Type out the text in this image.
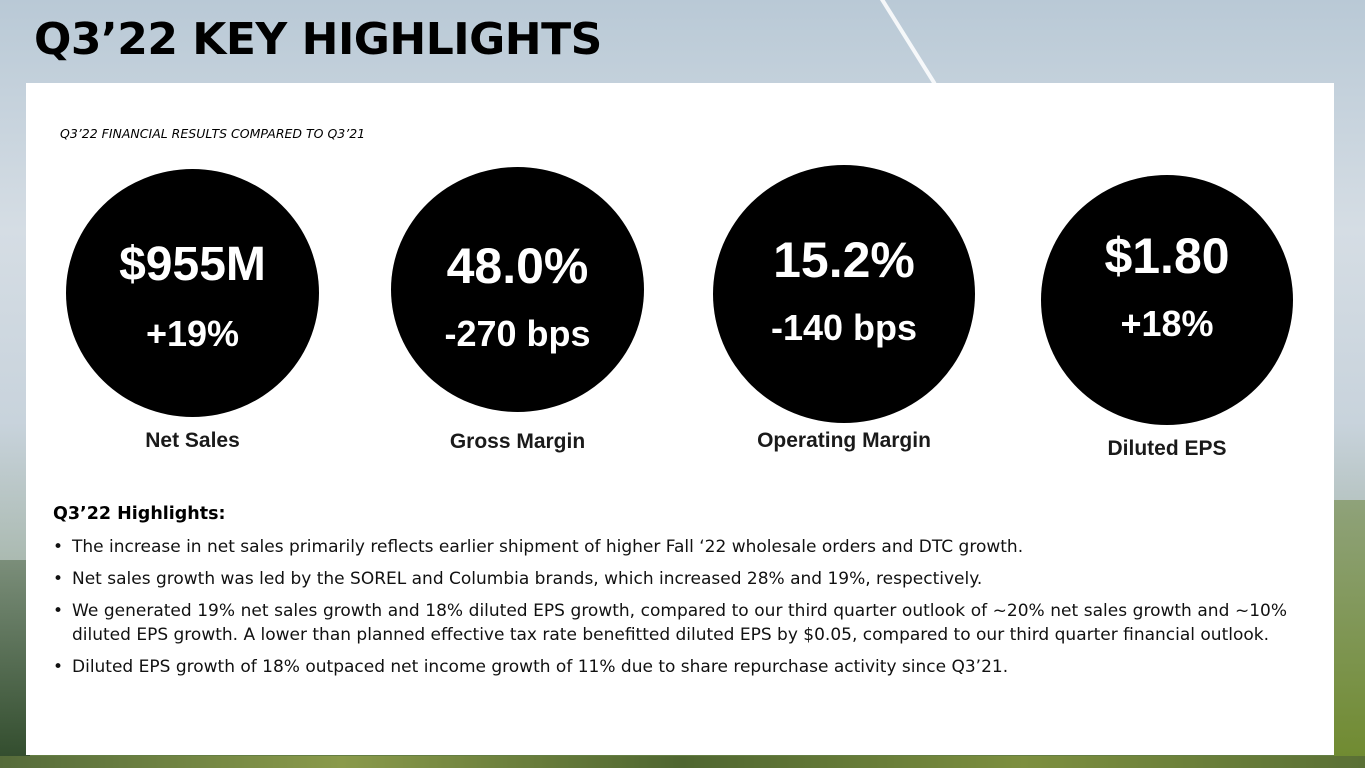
Q3’22 KEY HIGHLIGHTS
Q3’22 FINANCIAL RESULTS COMPARED TO Q3’21
$955M
+19%
Net Sales
48.0%
-270 bps
Gross Margin
15.2%
-140 bps
Operating Margin
$1.80
+18%
Diluted EPS
Q3’22 Highlights:
• The increase in net sales primarily reflects earlier shipment of higher Fall ‘22 wholesale orders and DTC growth.
• Net sales growth was led by the SOREL and Columbia brands, which increased 28% and 19%, respectively.
• We generated 19% net sales growth and 18% diluted EPS growth, compared to our third quarter outlook of ~20% net sales growth and ~10% diluted EPS growth. A lower than planned effective tax rate benefitted diluted EPS by $0.05, compared to our third quarter financial outlook.
• Diluted EPS growth of 18% outpaced net income growth of 11% due to share repurchase activity since Q3’21.
